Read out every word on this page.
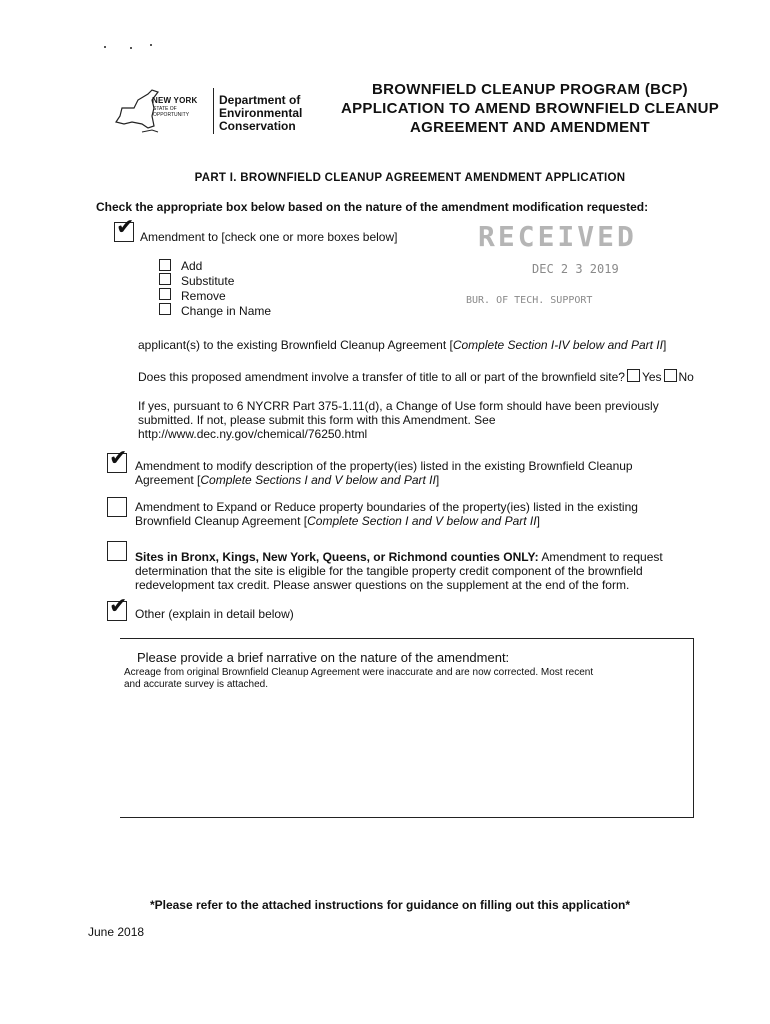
NEW YORK
STATE OF
OPPORTUNITY
Department of
Environmental
Conservation
BROWNFIELD CLEANUP PROGRAM (BCP)
APPLICATION TO AMEND BROWNFIELD CLEANUP
AGREEMENT AND AMENDMENT
PART I. BROWNFIELD CLEANUP AGREEMENT AMENDMENT APPLICATION
Check the appropriate box below based on the nature of the amendment modification requested:
RECEIVED
DEC 2 3 2019
BUR. OF TECH. SUPPORT
✔ Amendment to [check one or more boxes below]
Add
Substitute
Remove
Change in Name
applicant(s) to the existing Brownfield Cleanup Agreement [Complete Section I-IV below and Part II]
Does this proposed amendment involve a transfer of title to all or part of the brownfield site? Yes No
If yes, pursuant to 6 NYCRR Part 375-1.11(d), a Change of Use form should have been previously
submitted. If not, please submit this form with this Amendment. See
http://www.dec.ny.gov/chemical/76250.html
✔ Amendment to modify description of the property(ies) listed in the existing Brownfield Cleanup
Agreement [Complete Sections I and V below and Part II]
Amendment to Expand or Reduce property boundaries of the property(ies) listed in the existing
Brownfield Cleanup Agreement [Complete Section I and V below and Part II]
Sites in Bronx, Kings, New York, Queens, or Richmond counties ONLY: Amendment to request
determination that the site is eligible for the tangible property credit component of the brownfield
redevelopment tax credit. Please answer questions on the supplement at the end of the form.
✔ Other (explain in detail below)
Please provide a brief narrative on the nature of the amendment:
Acreage from original Brownfield Cleanup Agreement were inaccurate and are now corrected. Most recent
and accurate survey is attached.
*Please refer to the attached instructions for guidance on filling out this application*
June 2018
